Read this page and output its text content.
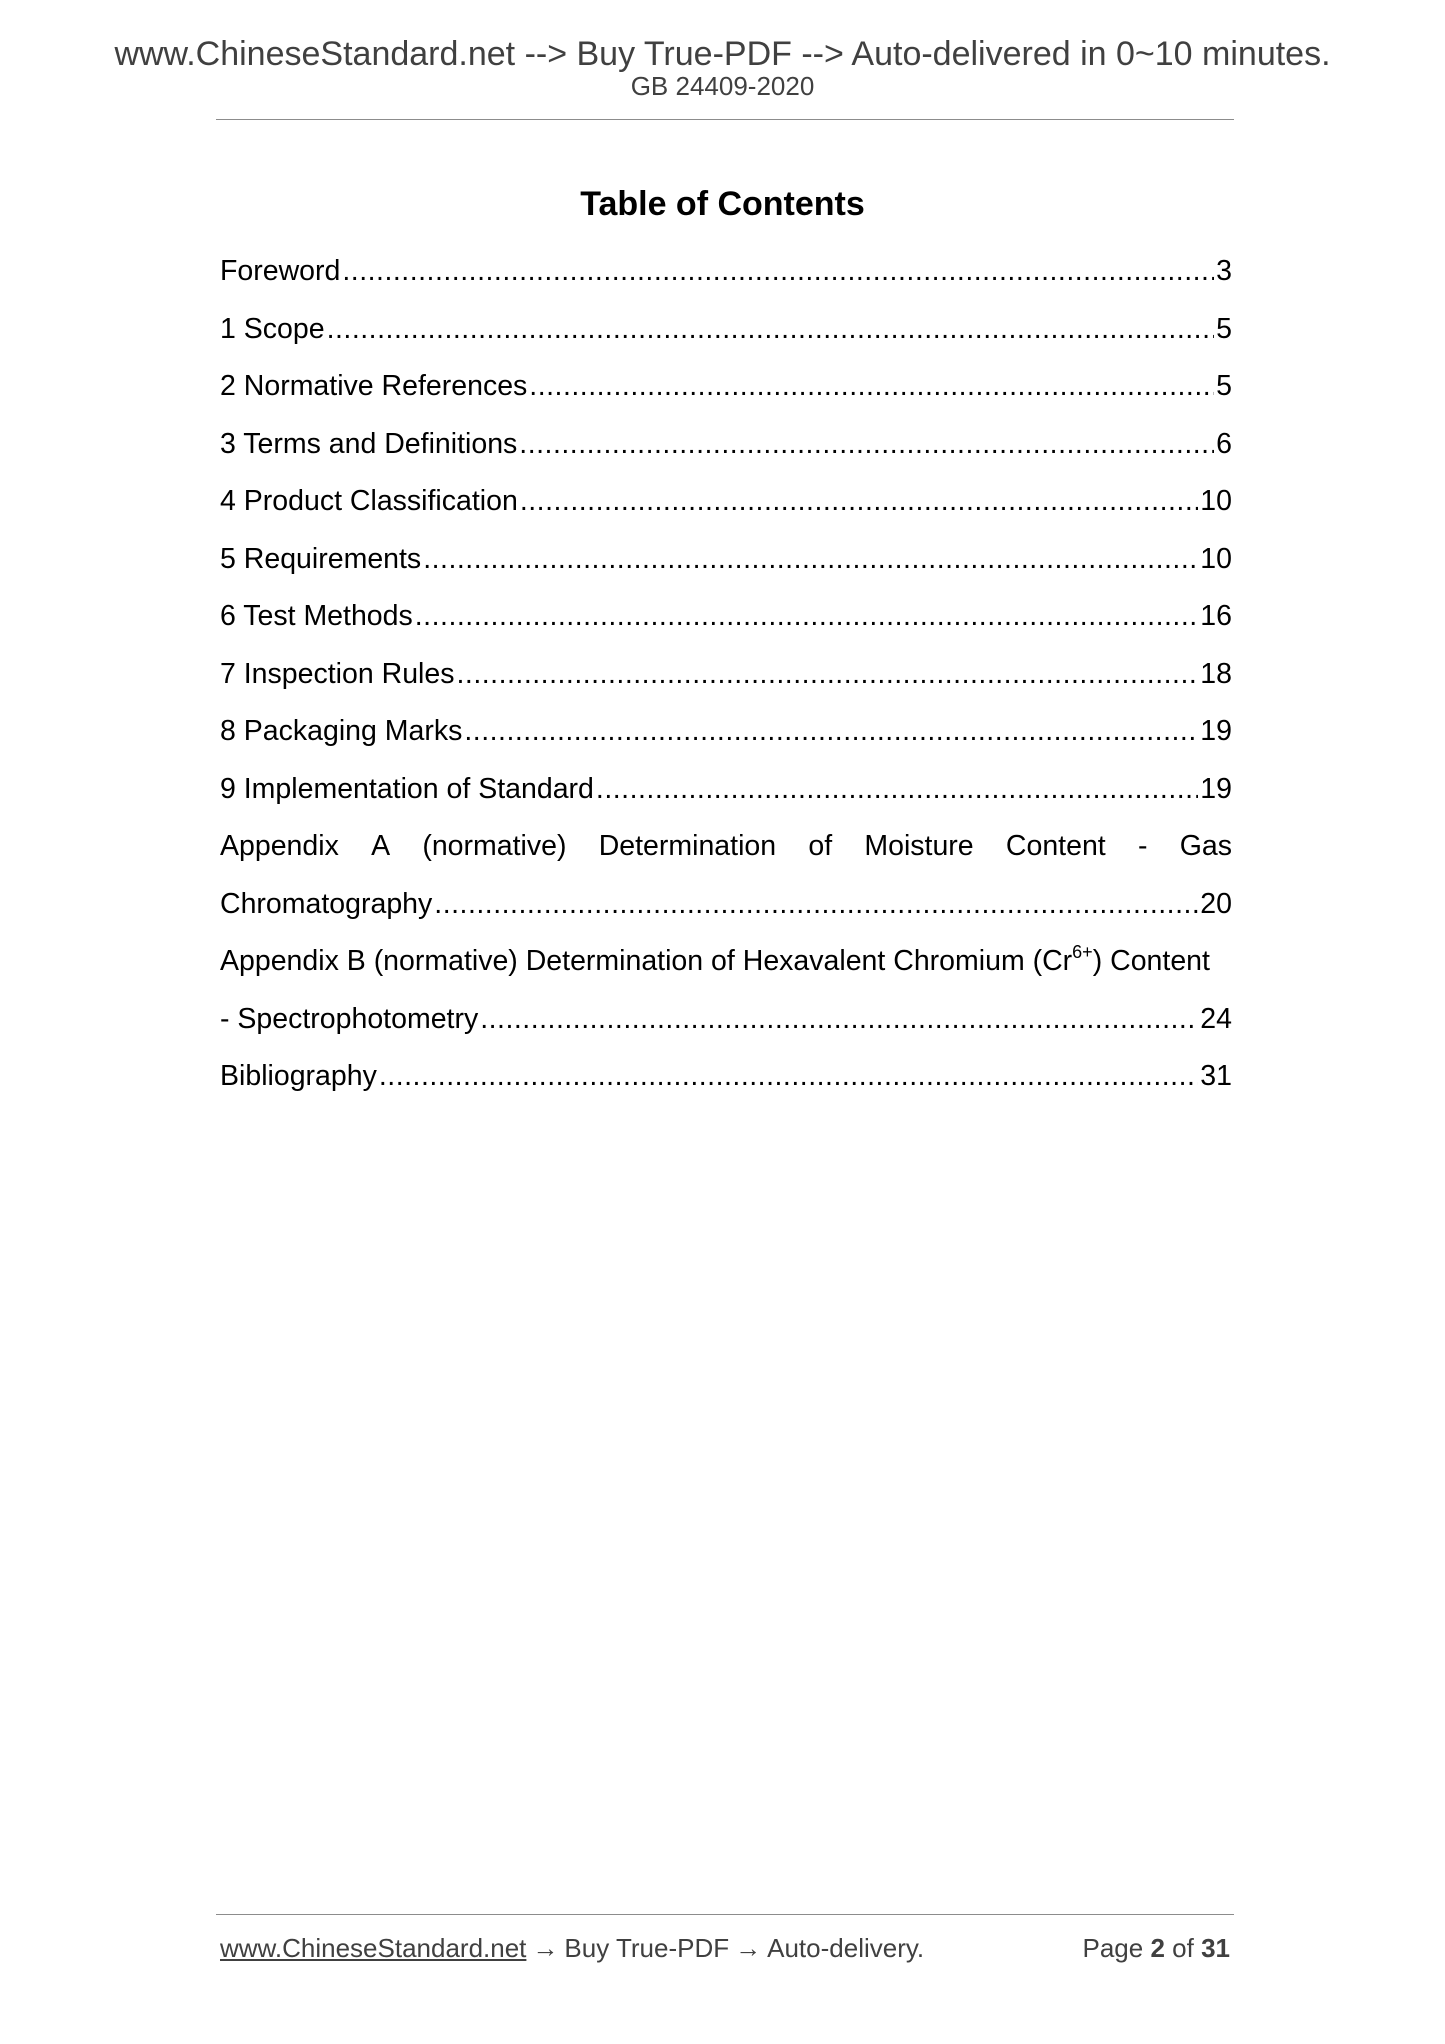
www.ChineseStandard.net --> Buy True-PDF --> Auto-delivered in 0~10 minutes.
GB 24409-2020
Table of Contents
Foreword .....	3
1 Scope .....	5
2 Normative References .....	5
3 Terms and Definitions .....	6
4 Product Classification .....	10
5 Requirements .....	10
6 Test Methods .....	16
7 Inspection Rules .....	18
8 Packaging Marks .....	19
9 Implementation of Standard .....	19
Appendix A (normative) Determination of Moisture Content - Gas
Chromatography .....	20
Appendix B (normative) Determination of Hexavalent Chromium $(Cr^{6+})$ Content
- Spectrophotometry .....	24
Bibliography .....	31
www.ChineseStandard.net → Buy True-PDF → Auto-delivery.	Page 2 of 31
